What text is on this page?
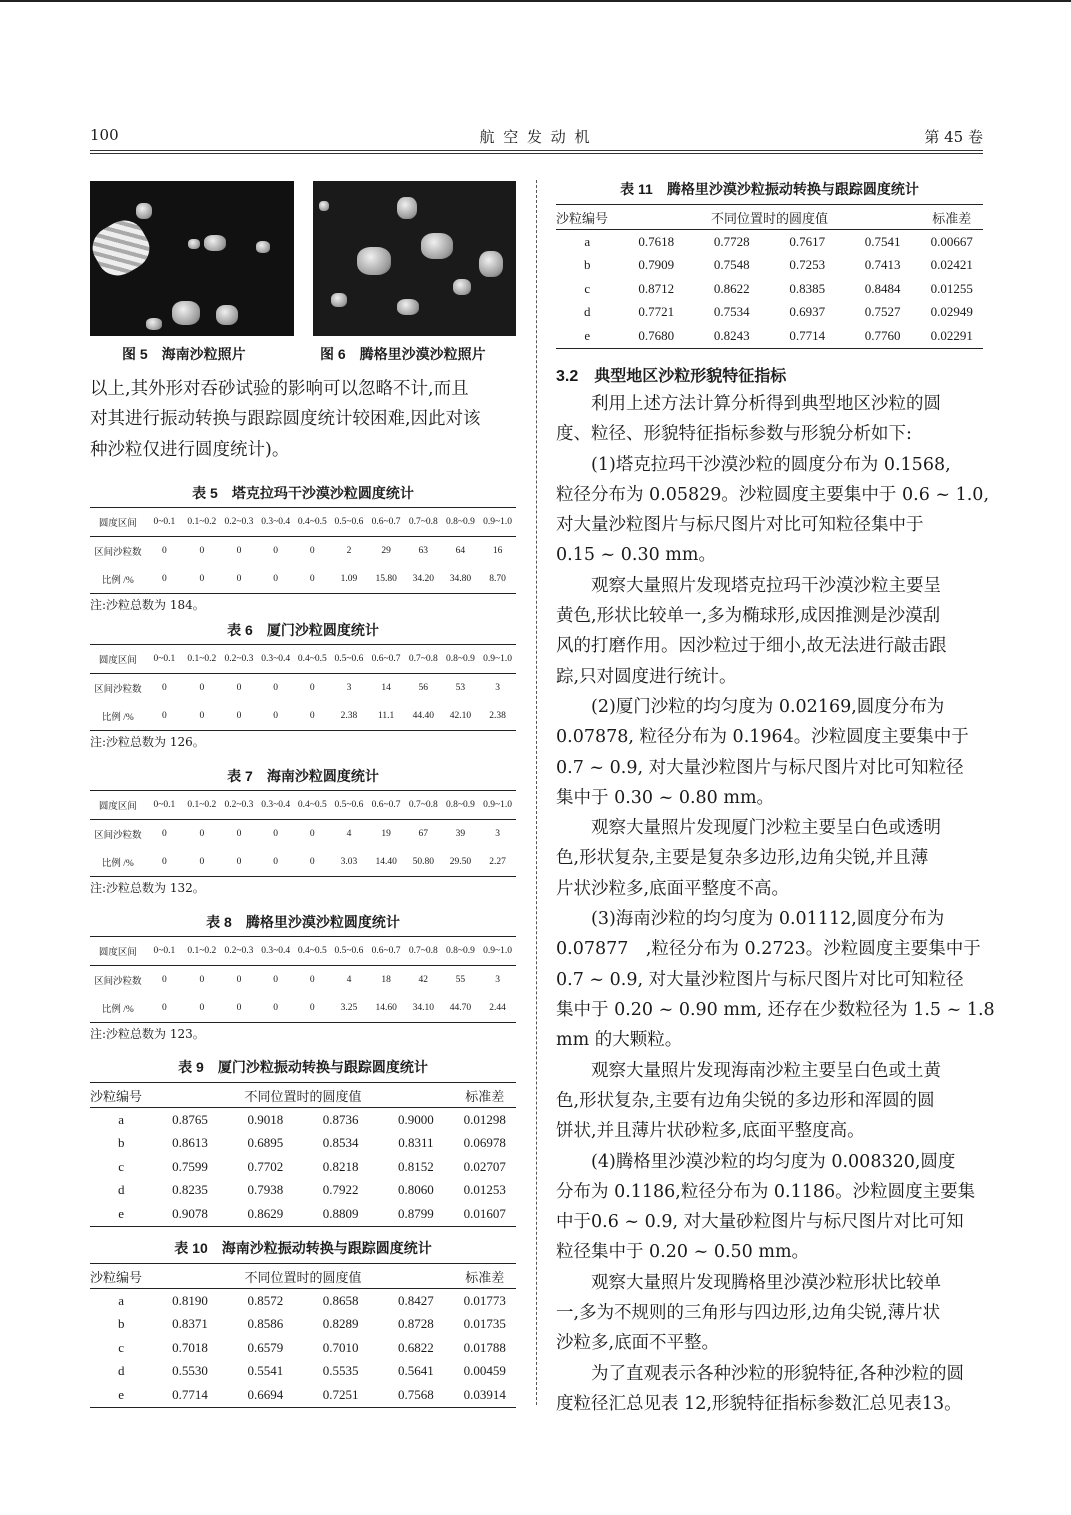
100	航 空 发 动 机	第 45 卷
图 5　海南沙粒照片	图 6　腾格里沙漠沙粒照片
以上,其外形对吞砂试验的影响可以忽略不计,而且
对其进行振动转换与跟踪圆度统计较困难,因此对该
种沙粒仅进行圆度统计)。
表 5　塔克拉玛干沙漠沙粒圆度统计
圆度区间	0~0.1	0.1~0.2	0.2~0.3	0.3~0.4	0.4~0.5	0.5~0.6	0.6~0.7	0.7~0.8	0.8~0.9	0.9~1.0
区间沙粒数	0	0	0	0	0	2	29	63	64	16
比例 /%	0	0	0	0	0	1.09	15.80	34.20	34.80	8.70
注:沙粒总数为 184。
表 6　厦门沙粒圆度统计
圆度区间	0~0.1	0.1~0.2	0.2~0.3	0.3~0.4	0.4~0.5	0.5~0.6	0.6~0.7	0.7~0.8	0.8~0.9	0.9~1.0
区间沙粒数	0	0	0	0	0	3	14	56	53	3
比例 /%	0	0	0	0	0	2.38	11.1	44.40	42.10	2.38
注:沙粒总数为 126。
表 7　海南沙粒圆度统计
圆度区间	0~0.1	0.1~0.2	0.2~0.3	0.3~0.4	0.4~0.5	0.5~0.6	0.6~0.7	0.7~0.8	0.8~0.9	0.9~1.0
区间沙粒数	0	0	0	0	0	4	19	67	39	3
比例 /%	0	0	0	0	0	3.03	14.40	50.80	29.50	2.27
注:沙粒总数为 132。
表 8　腾格里沙漠沙粒圆度统计
圆度区间	0~0.1	0.1~0.2	0.2~0.3	0.3~0.4	0.4~0.5	0.5~0.6	0.6~0.7	0.7~0.8	0.8~0.9	0.9~1.0
区间沙粒数	0	0	0	0	0	4	18	42	55	3
比例 /%	0	0	0	0	0	3.25	14.60	34.10	44.70	2.44
注:沙粒总数为 123。
表 9　厦门沙粒振动转换与跟踪圆度统计
沙粒编号	不同位置时的圆度值				标准差
a	0.8765	0.9018	0.8736	0.9000	0.01298
b	0.8613	0.6895	0.8534	0.8311	0.06978
c	0.7599	0.7702	0.8218	0.8152	0.02707
d	0.8235	0.7938	0.7922	0.8060	0.01253
e	0.9078	0.8629	0.8809	0.8799	0.01607
表 10　海南沙粒振动转换与跟踪圆度统计
沙粒编号	不同位置时的圆度值				标准差
a	0.8190	0.8572	0.8658	0.8427	0.01773
b	0.8371	0.8586	0.8289	0.8728	0.01735
c	0.7018	0.6579	0.7010	0.6822	0.01788
d	0.5530	0.5541	0.5535	0.5641	0.00459
e	0.7714	0.6694	0.7251	0.7568	0.03914
表 11　腾格里沙漠沙粒振动转换与跟踪圆度统计
沙粒编号	不同位置时的圆度值				标准差
a	0.7618	0.7728	0.7617	0.7541	0.00667
b	0.7909	0.7548	0.7253	0.7413	0.02421
c	0.8712	0.8622	0.8385	0.8484	0.01255
d	0.7721	0.7534	0.6937	0.7527	0.02949
e	0.7680	0.8243	0.7714	0.7760	0.02291
3.2　典型地区沙粒形貌特征指标
利用上述方法计算分析得到典型地区沙粒的圆
度、粒径、形貌特征指标参数与形貌分析如下:
(1)塔克拉玛干沙漠沙粒的圆度分布为 0.1568,
粒径分布为 0.05829。沙粒圆度主要集中于 0.6 ~ 1.0,
对大量沙粒图片与标尺图片对比可知粒径集中于
0.15 ~ 0.30 mm。
观察大量照片发现塔克拉玛干沙漠沙粒主要呈
黄色,形状比较单一,多为椭球形,成因推测是沙漠刮
风的打磨作用。因沙粒过于细小,故无法进行敲击跟
踪,只对圆度进行统计。
(2)厦门沙粒的均匀度为 0.02169,圆度分布为
0.07878, 粒径分布为 0.1964。沙粒圆度主要集中于
0.7 ~ 0.9, 对大量沙粒图片与标尺图片对比可知粒径
集中于 0.30 ~ 0.80 mm。
观察大量照片发现厦门沙粒主要呈白色或透明
色,形状复杂,主要是复杂多边形,边角尖锐,并且薄
片状沙粒多,底面平整度不高。
(3)海南沙粒的均匀度为 0.01112,圆度分布为
0.07877　,粒径分布为 0.2723。沙粒圆度主要集中于
0.7 ~ 0.9, 对大量沙粒图片与标尺图片对比可知粒径
集中于 0.20 ~ 0.90 mm, 还存在少数粒径为 1.5 ~ 1.8
mm 的大颗粒。
观察大量照片发现海南沙粒主要呈白色或土黄
色,形状复杂,主要有边角尖锐的多边形和浑圆的圆
饼状,并且薄片状砂粒多,底面平整度高。
(4)腾格里沙漠沙粒的均匀度为 0.008320,圆度
分布为 0.1186,粒径分布为 0.1186。沙粒圆度主要集
中于0.6 ~ 0.9, 对大量砂粒图片与标尺图片对比可知
粒径集中于 0.20 ~ 0.50 mm。
观察大量照片发现腾格里沙漠沙粒形状比较单
一,多为不规则的三角形与四边形,边角尖锐,薄片状
沙粒多,底面不平整。
为了直观表示各种沙粒的形貌特征,各种沙粒的圆
度粒径汇总见表 12,形貌特征指标参数汇总见表13。
